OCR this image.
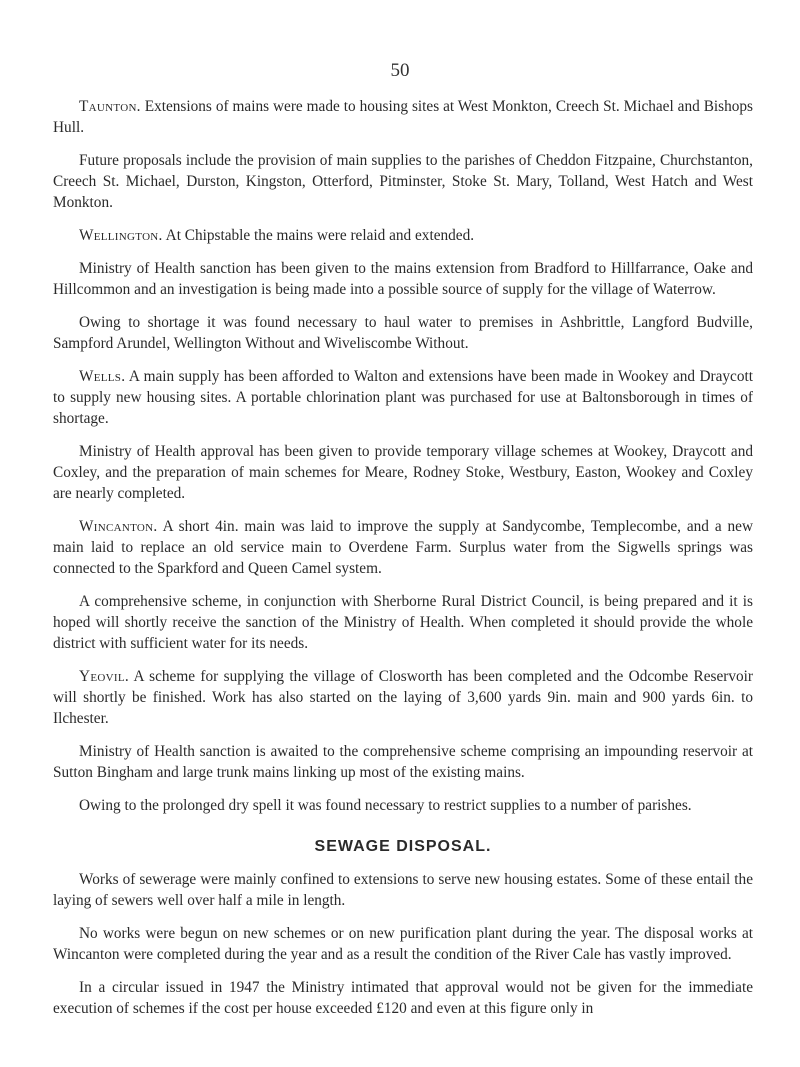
50

Taunton. Extensions of mains were made to housing sites at West Monkton, Creech St. Michael and Bishops Hull.

Future proposals include the provision of main supplies to the parishes of Cheddon Fitzpaine, Churchstanton, Creech St. Michael, Durston, Kingston, Otterford, Pitminster, Stoke St. Mary, Tolland, West Hatch and West Monkton.

Wellington. At Chipstable the mains were relaid and extended.

Ministry of Health sanction has been given to the mains extension from Bradford to Hillfarrance, Oake and Hillcommon and an investigation is being made into a possible source of supply for the village of Waterrow.

Owing to shortage it was found necessary to haul water to premises in Ashbrittle, Langford Budville, Sampford Arundel, Wellington Without and Wiveliscombe Without.

Wells. A main supply has been afforded to Walton and extensions have been made in Wookey and Draycott to supply new housing sites. A portable chlorination plant was purchased for use at Baltonsborough in times of shortage.

Ministry of Health approval has been given to provide temporary village schemes at Wookey, Draycott and Coxley, and the preparation of main schemes for Meare, Rodney Stoke, Westbury, Easton, Wookey and Coxley are nearly completed.

Wincanton. A short 4in. main was laid to improve the supply at Sandycombe, Templecombe, and a new main laid to replace an old service main to Overdene Farm. Surplus water from the Sigwells springs was connected to the Sparkford and Queen Camel system.

A comprehensive scheme, in conjunction with Sherborne Rural District Council, is being prepared and it is hoped will shortly receive the sanction of the Ministry of Health. When completed it should provide the whole district with sufficient water for its needs.

Yeovil. A scheme for supplying the village of Closworth has been completed and the Odcombe Reservoir will shortly be finished. Work has also started on the laying of 3,600 yards 9in. main and 900 yards 6in. to Ilchester.

Ministry of Health sanction is awaited to the comprehensive scheme comprising an impounding reservoir at Sutton Bingham and large trunk mains linking up most of the existing mains.

Owing to the prolonged dry spell it was found necessary to restrict supplies to a number of parishes.

SEWAGE DISPOSAL.

Works of sewerage were mainly confined to extensions to serve new housing estates. Some of these entail the laying of sewers well over half a mile in length.

No works were begun on new schemes or on new purification plant during the year. The disposal works at Wincanton were completed during the year and as a result the condition of the River Cale has vastly improved.

In a circular issued in 1947 the Ministry intimated that approval would not be given for the immediate execution of schemes if the cost per house exceeded £120 and even at this figure only in
